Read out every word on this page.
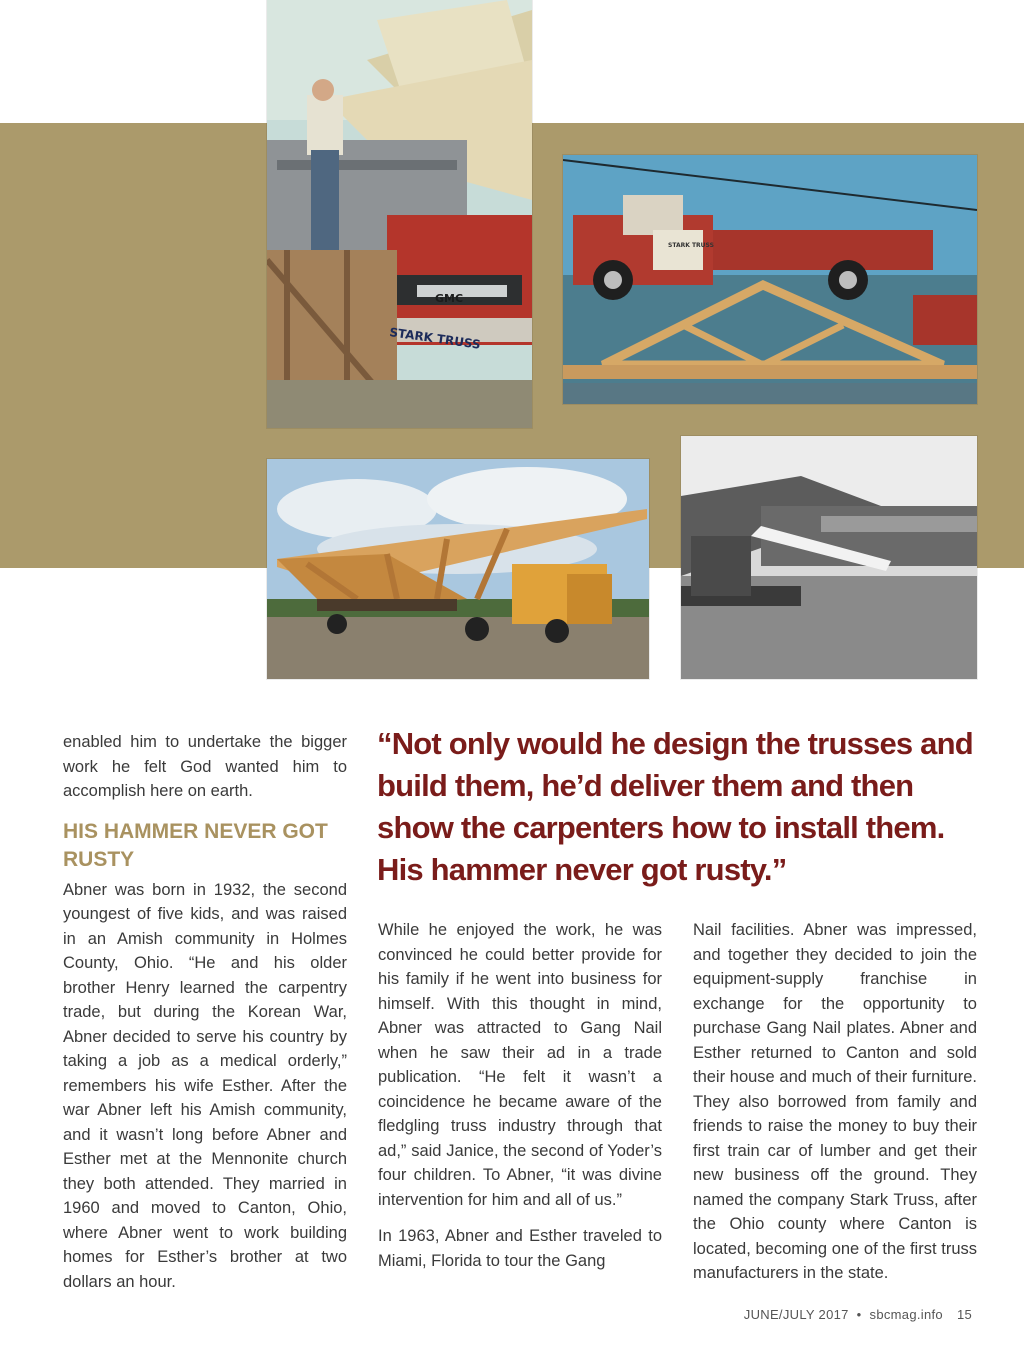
GMC
STARK TRUSS
STARK TRUSS

enabled him to undertake the bigger work he felt God wanted him to accomplish here on earth.

HIS HAMMER NEVER GOT RUSTY

Abner was born in 1932, the second youngest of five kids, and was raised in an Amish community in Holmes County, Ohio. “He and his older brother Henry learned the carpentry trade, but during the Korean War, Abner decided to serve his country by taking a job as a medical orderly,” remembers his wife Esther. After the war Abner left his Amish community, and it wasn’t long before Abner and Esther met at the Mennonite church they both attended. They married in 1960 and moved to Canton, Ohio, where Abner went to work building homes for Esther’s brother at two dollars an hour.

“Not only would he design the trusses and build them, he’d deliver them and then show the carpenters how to install them. His hammer never got rusty.”

While he enjoyed the work, he was convinced he could better provide for his family if he went into business for himself. With this thought in mind, Abner was attracted to Gang Nail when he saw their ad in a trade publication. “He felt it wasn’t a coincidence he became aware of the fledgling truss industry through that ad,” said Janice, the second of Yoder’s four children. To Abner, “it was divine intervention for him and all of us.”

In 1963, Abner and Esther traveled to Miami, Florida to tour the Gang

Nail facilities. Abner was impressed, and together they decided to join the equipment-supply franchise in exchange for the opportunity to purchase Gang Nail plates. Abner and Esther returned to Canton and sold their house and much of their furniture. They also borrowed from family and friends to raise the money to buy their first train car of lumber and get their new business off the ground. They named the company Stark Truss, after the Ohio county where Canton is located, becoming one of the first truss manufacturers in the state.

JUNE/JULY 2017 • sbcmag.info 15
